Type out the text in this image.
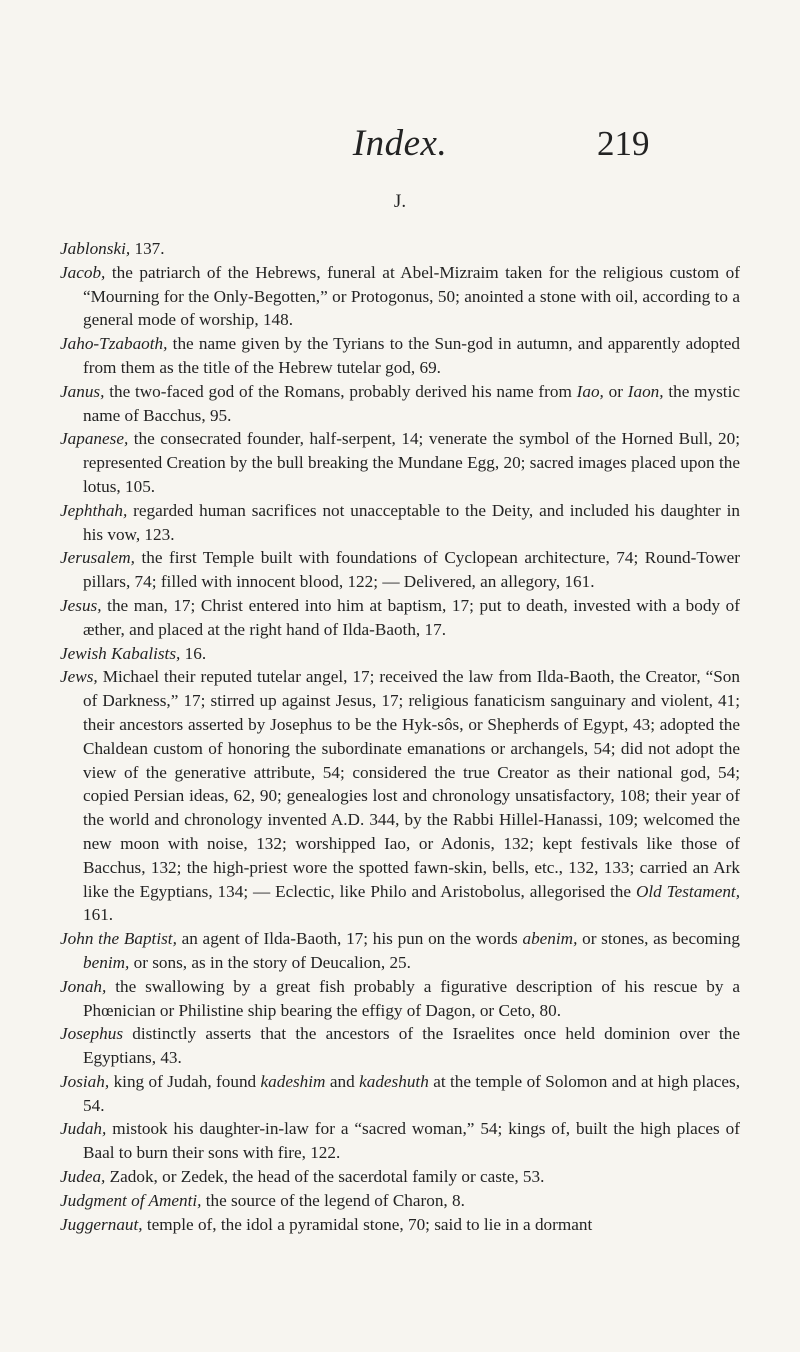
Index.	219
J.

Jablonski, 137.

Jacob, the patriarch of the Hebrews, funeral at Abel-Mizraim taken for the religious custom of “Mourning for the Only-Begotten,” or Protogonus, 50; anointed a stone with oil, according to a general mode of worship, 148.

Jaho-Tzabaoth, the name given by the Tyrians to the Sun-god in autumn, and apparently adopted from them as the title of the Hebrew tutelar god, 69.

Janus, the two-faced god of the Romans, probably derived his name from Iao, or Iaon, the mystic name of Bacchus, 95.

Japanese, the consecrated founder, half-serpent, 14; venerate the symbol of the Horned Bull, 20; represented Creation by the bull breaking the Mundane Egg, 20; sacred images placed upon the lotus, 105.

Jephthah, regarded human sacrifices not unacceptable to the Deity, and included his daughter in his vow, 123.

Jerusalem, the first Temple built with foundations of Cyclopean architecture, 74; Round-Tower pillars, 74; filled with innocent blood, 122; — Delivered, an allegory, 161.

Jesus, the man, 17; Christ entered into him at baptism, 17; put to death, invested with a body of æther, and placed at the right hand of Ilda-Baoth, 17.

Jewish Kabalists, 16.

Jews, Michael their reputed tutelar angel, 17; received the law from Ilda-Baoth, the Creator, “Son of Darkness,” 17; stirred up against Jesus, 17; religious fanaticism sanguinary and violent, 41; their ancestors asserted by Josephus to be the Hyk-sôs, or Shepherds of Egypt, 43; adopted the Chaldean custom of honoring the subordinate emanations or archangels, 54; did not adopt the view of the generative attribute, 54; considered the true Creator as their national god, 54; copied Persian ideas, 62, 90; genealogies lost and chronology unsatisfactory, 108; their year of the world and chronology invented A.D. 344, by the Rabbi Hillel-Hanassi, 109; welcomed the new moon with noise, 132; worshipped Iao, or Adonis, 132; kept festivals like those of Bacchus, 132; the high-priest wore the spotted fawn-skin, bells, etc., 132, 133; carried an Ark like the Egyptians, 134; — Eclectic, like Philo and Aristobolus, allegorised the Old Testament, 161.

John the Baptist, an agent of Ilda-Baoth, 17; his pun on the words abenim, or stones, as becoming benim, or sons, as in the story of Deucalion, 25.

Jonah, the swallowing by a great fish probably a figurative description of his rescue by a Phœnician or Philistine ship bearing the effigy of Dagon, or Ceto, 80.

Josephus distinctly asserts that the ancestors of the Israelites once held dominion over the Egyptians, 43.

Josiah, king of Judah, found kadeshim and kadeshuth at the temple of Solomon and at high places, 54.

Judah, mistook his daughter-in-law for a “sacred woman,” 54; kings of, built the high places of Baal to burn their sons with fire, 122.

Judea, Zadok, or Zedek, the head of the sacerdotal family or caste, 53.

Judgment of Amenti, the source of the legend of Charon, 8.

Juggernaut, temple of, the idol a pyramidal stone, 70; said to lie in a dormant
